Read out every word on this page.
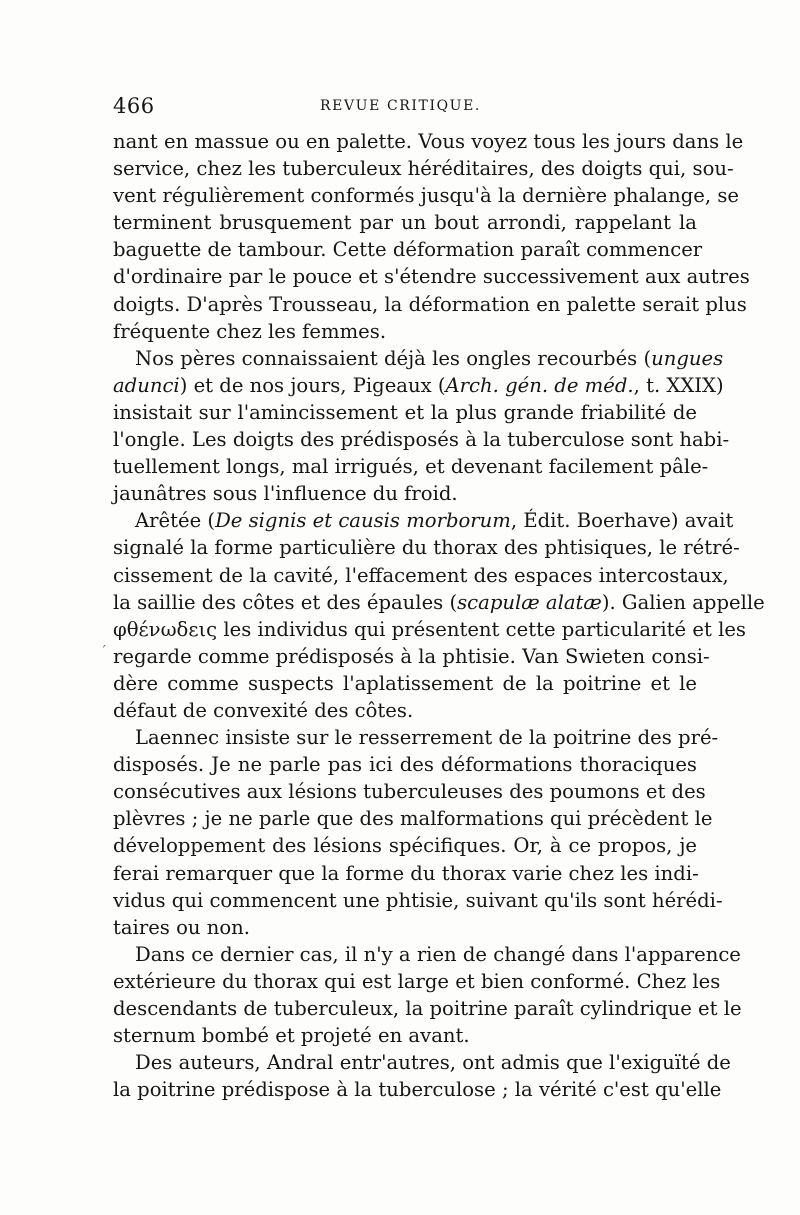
466	REVUE CRITIQUE.
nant en massue ou en palette. Vous voyez tous les jours dans le
service, chez les tuberculeux héréditaires, des doigts qui, sou-
vent régulièrement conformés jusqu'à la dernière phalange, se
terminent brusquement par un bout arrondi, rappelant la
baguette de tambour. Cette déformation paraît commencer
d'ordinaire par le pouce et s'étendre successivement aux autres
doigts. D'après Trousseau, la déformation en palette serait plus
fréquente chez les femmes.
Nos pères connaissaient déjà les ongles recourbés (ungues
adunci) et de nos jours, Pigeaux (Arch. gén. de méd., t. XXIX)
insistait sur l'amincissement et la plus grande friabilité de
l'ongle. Les doigts des prédisposés à la tuberculose sont habi-
tuellement longs, mal irrigués, et devenant facilement pâle-
jaunâtres sous l'influence du froid.
Arêtée (De signis et causis morborum, Édit. Boerhave) avait
signalé la forme particulière du thorax des phtisiques, le rétré-
cissement de la cavité, l'effacement des espaces intercostaux,
la saillie des côtes et des épaules (scapulæ alatæ). Galien appelle
φθένωδεις les individus qui présentent cette particularité et les
regarde comme prédisposés à la phtisie. Van Swieten consi-
dère comme suspects l'aplatissement de la poitrine et le
défaut de convexité des côtes.
Laennec insiste sur le resserrement de la poitrine des pré-
disposés. Je ne parle pas ici des déformations thoraciques
consécutives aux lésions tuberculeuses des poumons et des
plèvres ; je ne parle que des malformations qui précèdent le
développement des lésions spécifiques. Or, à ce propos, je
ferai remarquer que la forme du thorax varie chez les indi-
vidus qui commencent une phtisie, suivant qu'ils sont hérédi-
taires ou non.
Dans ce dernier cas, il n'y a rien de changé dans l'apparence
extérieure du thorax qui est large et bien conformé. Chez les
descendants de tuberculeux, la poitrine paraît cylindrique et le
sternum bombé et projeté en avant.
Des auteurs, Andral entr'autres, ont admis que l'exiguïté de
la poitrine prédispose à la tuberculose ; la vérité c'est qu'elle
´
